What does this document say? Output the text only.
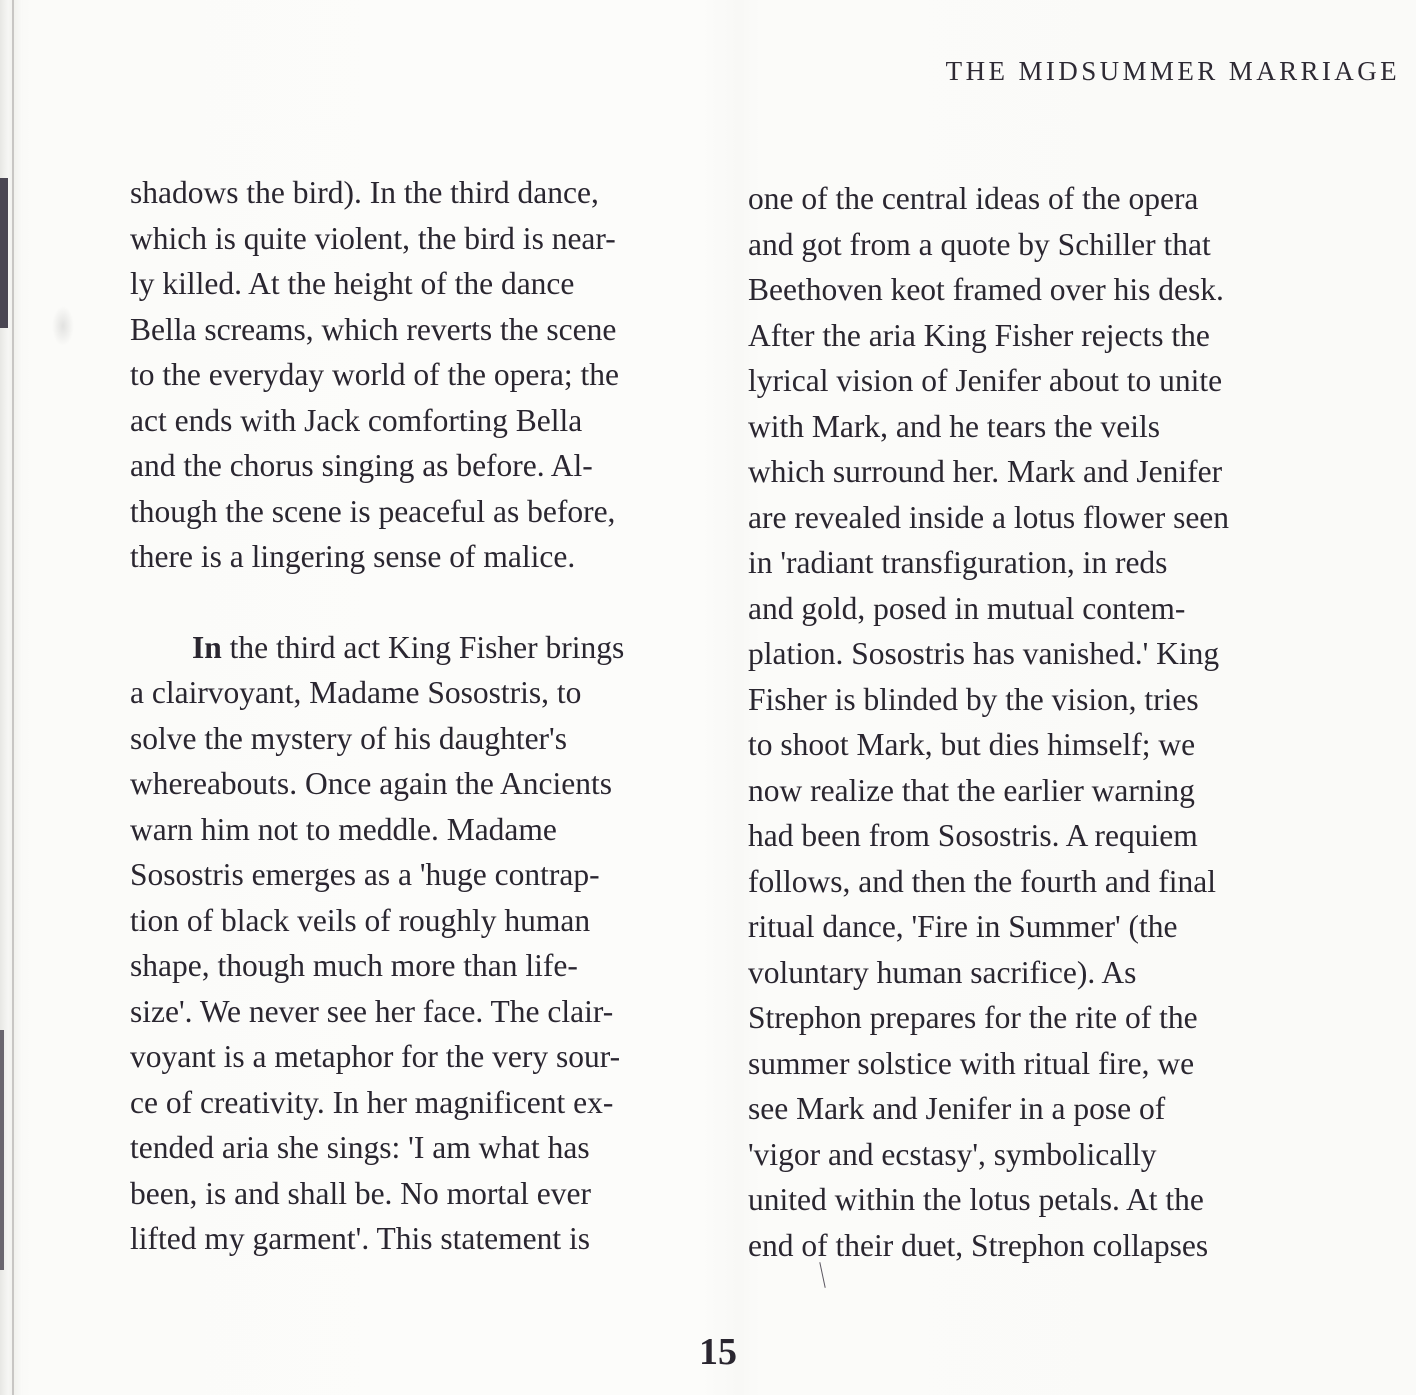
THE MIDSUMMER MARRIAGE
shadows the bird). In the third dance,
which is quite violent, the bird is near-
ly killed. At the height of the dance
Bella screams, which reverts the scene
to the everyday world of the opera; the
act ends with Jack comforting Bella
and the chorus singing as before. Al-
though the scene is peaceful as before,
there is a lingering sense of malice.
In the third act King Fisher brings
a clairvoyant, Madame Sosostris, to
solve the mystery of his daughter's
whereabouts. Once again the Ancients
warn him not to meddle. Madame
Sosostris emerges as a 'huge contrap-
tion of black veils of roughly human
shape, though much more than life-
size'. We never see her face. The clair-
voyant is a metaphor for the very sour-
ce of creativity. In her magnificent ex-
tended aria she sings: 'I am what has
been, is and shall be. No mortal ever
lifted my garment'. This statement is
one of the central ideas of the opera
and got from a quote by Schiller that
Beethoven keot framed over his desk.
After the aria King Fisher rejects the
lyrical vision of Jenifer about to unite
with Mark, and he tears the veils
which surround her. Mark and Jenifer
are revealed inside a lotus flower seen
in 'radiant transfiguration, in reds
and gold, posed in mutual contem-
plation. Sosostris has vanished.' King
Fisher is blinded by the vision, tries
to shoot Mark, but dies himself; we
now realize that the earlier warning
had been from Sosostris. A requiem
follows, and then the fourth and final
ritual dance, 'Fire in Summer' (the
voluntary human sacrifice). As
Strephon prepares for the rite of the
summer solstice with ritual fire, we
see Mark and Jenifer in a pose of
'vigor and ecstasy', symbolically
united within the lotus petals. At the
end of their duet, Strephon collapses
15
